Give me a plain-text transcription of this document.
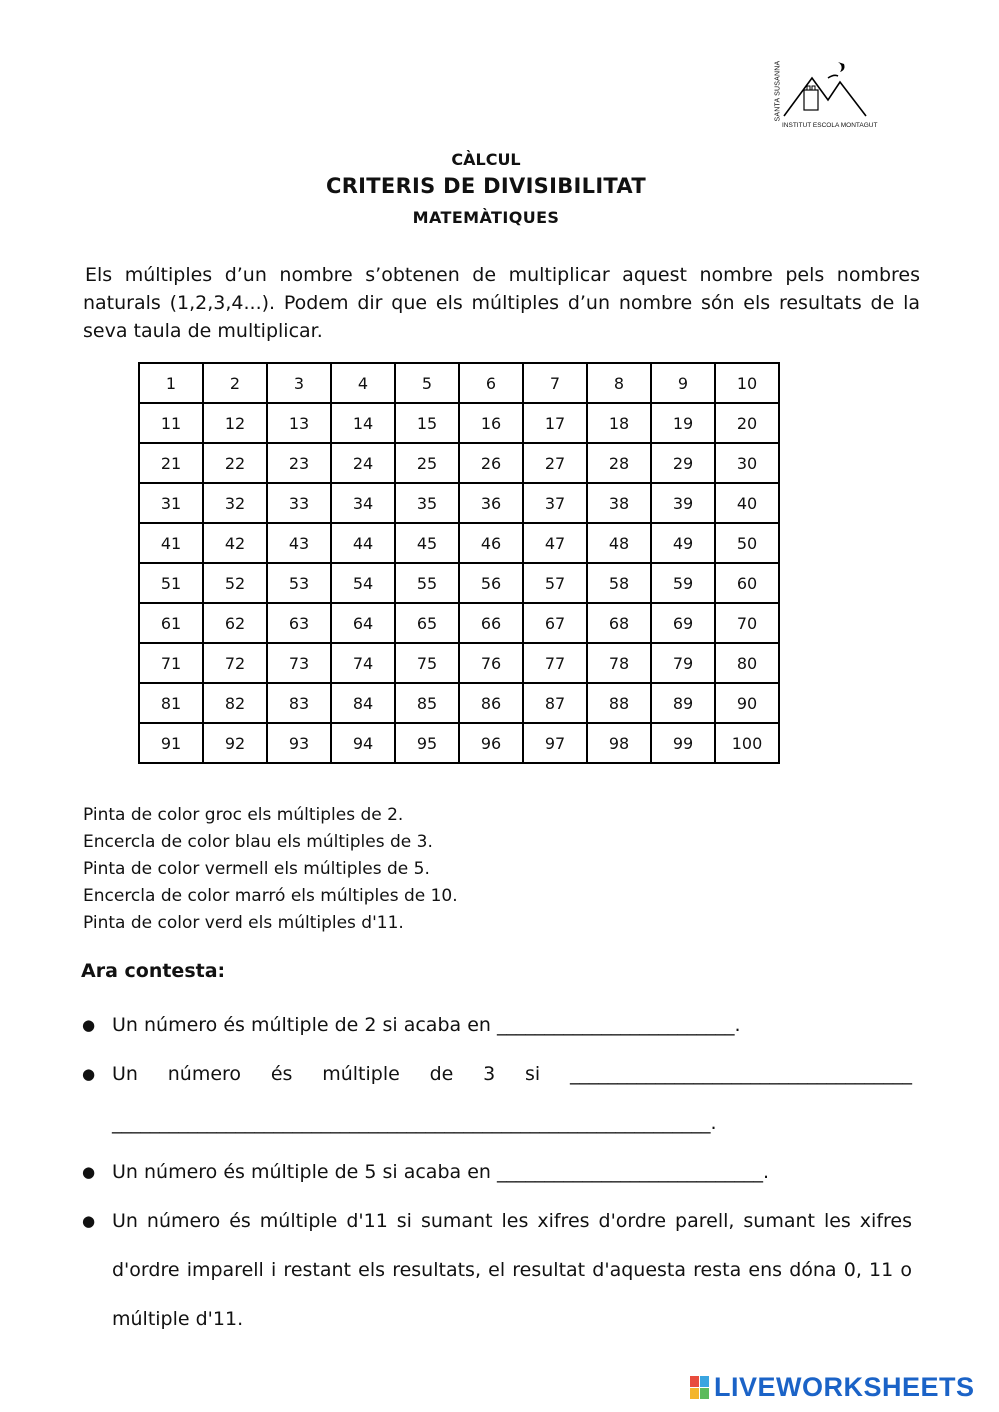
SANTA SUSANNA
INSTITUT ESCOLA MONTAGUT
CÀLCUL
CRITERIS DE DIVISIBILITAT
MATEMÀTIQUES

Els múltiples d’un nombre s’obtenen de multiplicar aquest nombre pels nombres naturals (1,2,3,4...). Podem dir que els múltiples d’un nombre són els resultats de la seva taula de multiplicar.

1	2	3	4	5	6	7	8	9	10
11	12	13	14	15	16	17	18	19	20
21	22	23	24	25	26	27	28	29	30
31	32	33	34	35	36	37	38	39	40
41	42	43	44	45	46	47	48	49	50
51	52	53	54	55	56	57	58	59	60
61	62	63	64	65	66	67	68	69	70
71	72	73	74	75	76	77	78	79	80
81	82	83	84	85	86	87	88	89	90
91	92	93	94	95	96	97	98	99	100
Pinta de color groc els múltiples de 2.
Encercla de color blau els múltiples de 3.
Pinta de color vermell els múltiples de 5.
Encercla de color marró els múltiples de 10.
Pinta de color verd els múltiples d'11.
Ara contesta:
● Un número és múltiple de 2 si acaba en _________________________.
● Un número és múltiple de 3 si ____________________________________
_______________________________________________________________.
● Un número és múltiple de 5 si acaba en ____________________________.
● Un número és múltiple d'11 si sumant les xifres d'ordre parell, sumant les xifres d'ordre imparell i restant els resultats, el resultat d'aquesta resta ens dóna 0, 11 o múltiple d'11.
LIVEWORKSHEETS
